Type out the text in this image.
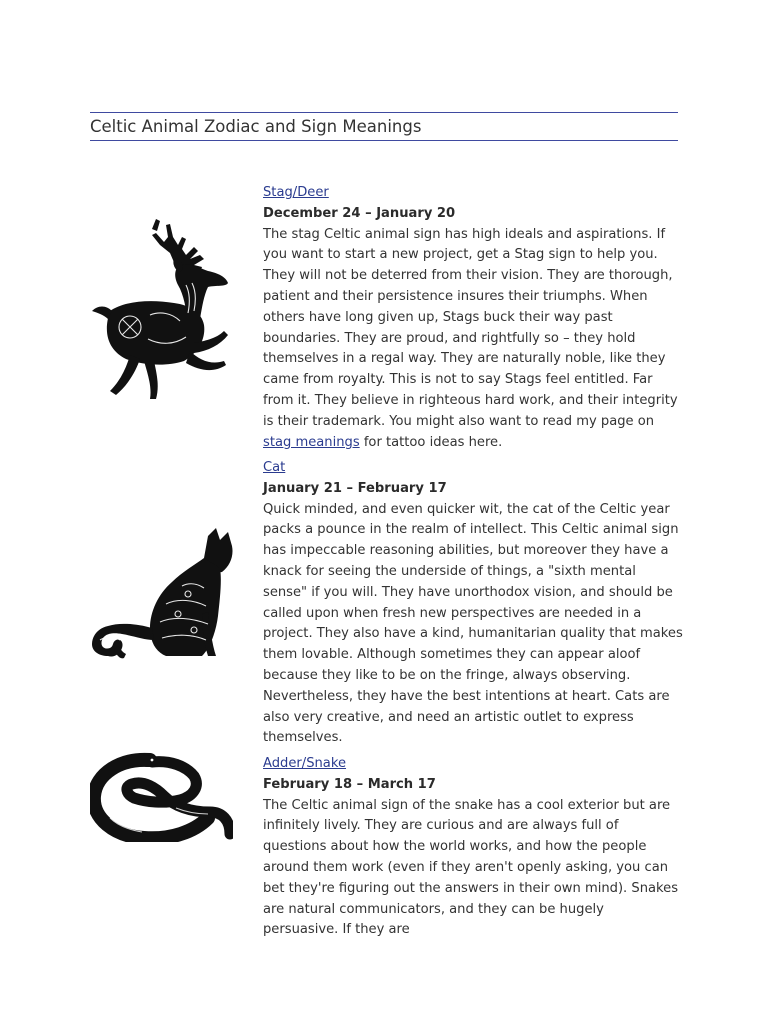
Celtic Animal Zodiac and Sign Meanings
Stag/Deer
December 24 – January 20

The stag Celtic animal sign has high ideals and aspirations. If you want to start a new project, get a Stag sign to help you. They will not be deterred from their vision. They are thorough, patient and their persistence insures their triumphs. When others have long given up, Stags buck their way past boundaries. They are proud, and rightfully so – they hold themselves in a regal way. They are naturally noble, like they came from royalty. This is not to say Stags feel entitled. Far from it. They believe in righteous hard work, and their integrity is their trademark. You might also want to read my page on stag meanings for tattoo ideas here.

Cat
January 21 – February 17

Quick minded, and even quicker wit, the cat of the Celtic year packs a pounce in the realm of intellect. This Celtic animal sign has impeccable reasoning abilities, but moreover they have a knack for seeing the underside of things, a "sixth mental sense" if you will. They have unorthodox vision, and should be called upon when fresh new perspectives are needed in a project. They also have a kind, humanitarian quality that makes them lovable. Although sometimes they can appear aloof because they like to be on the fringe, always observing. Nevertheless, they have the best intentions at heart. Cats are also very creative, and need an artistic outlet to express themselves.

Adder/Snake
February 18 – March 17

The Celtic animal sign of the snake has a cool exterior but are infinitely lively. They are curious and are always full of questions about how the world works, and how the people around them work (even if they aren't openly asking, you can bet they're figuring out the answers in their own mind). Snakes are natural communicators, and they can be hugely persuasive. If they are
